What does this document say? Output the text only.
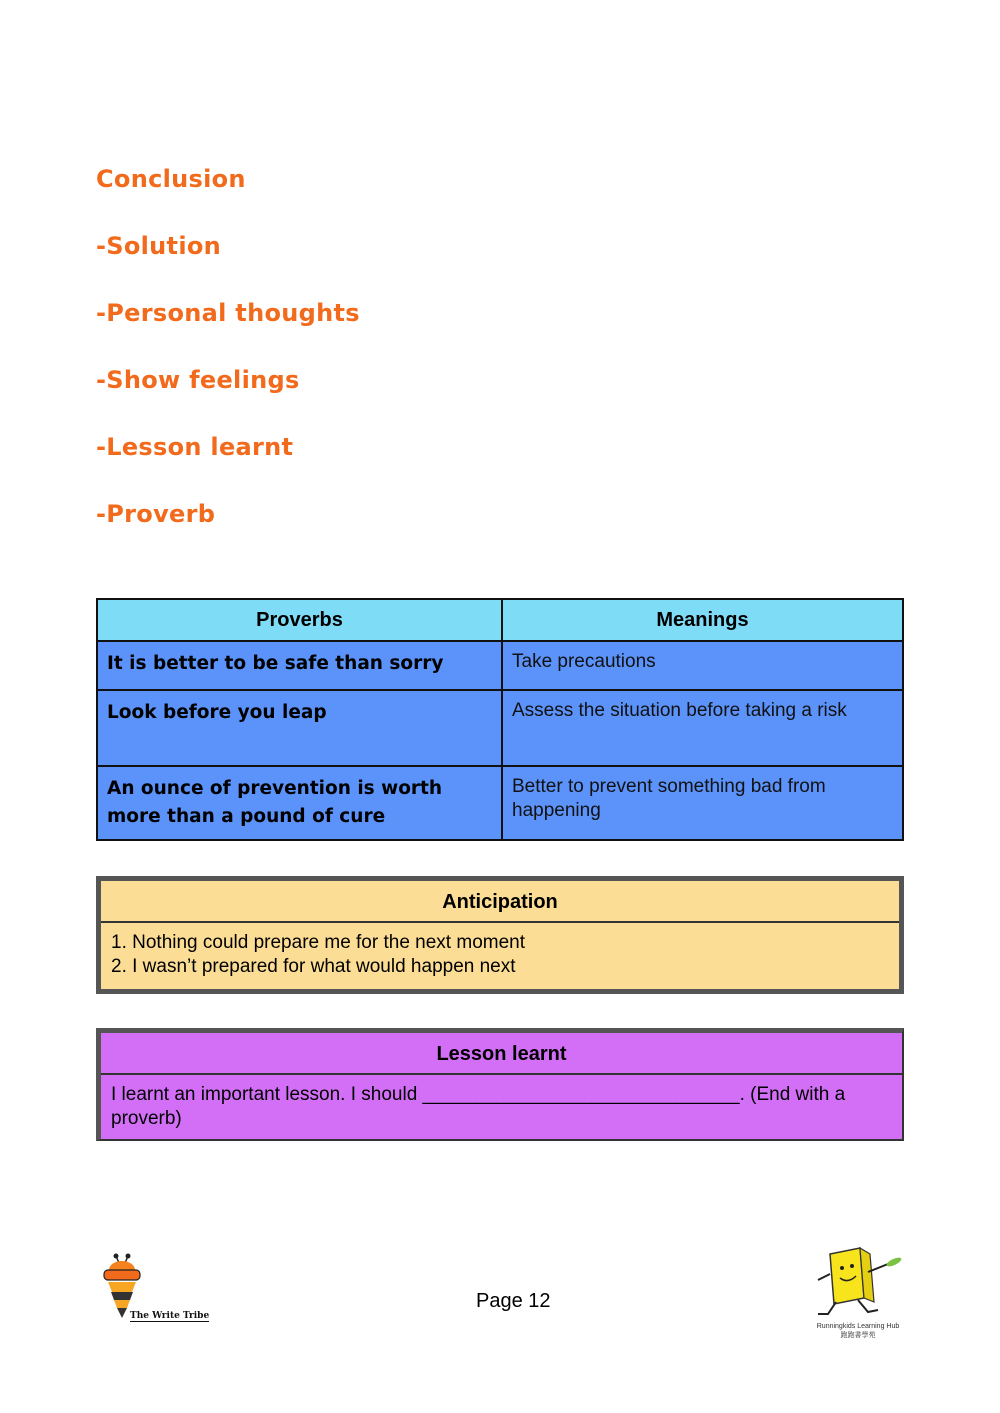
Conclusion
-Solution
-Personal thoughts
-Show feelings
-Lesson learnt
-Proverb
Proverbs	Meanings
It is better to be safe than sorry	Take precautions
Look before you leap	Assess the situation before taking a risk
An ounce of prevention is worth more than a pound of cure	Better to prevent something bad from happening
Anticipation
1. Nothing could prepare me for the next moment
2. I wasn’t prepared for what would happen next
Lesson learnt
I learnt an important lesson. I should ______________________________. (End with a proverb)
The Write Tribe
Page 12
Runningkids Learning Hub
跑跑書學苑
